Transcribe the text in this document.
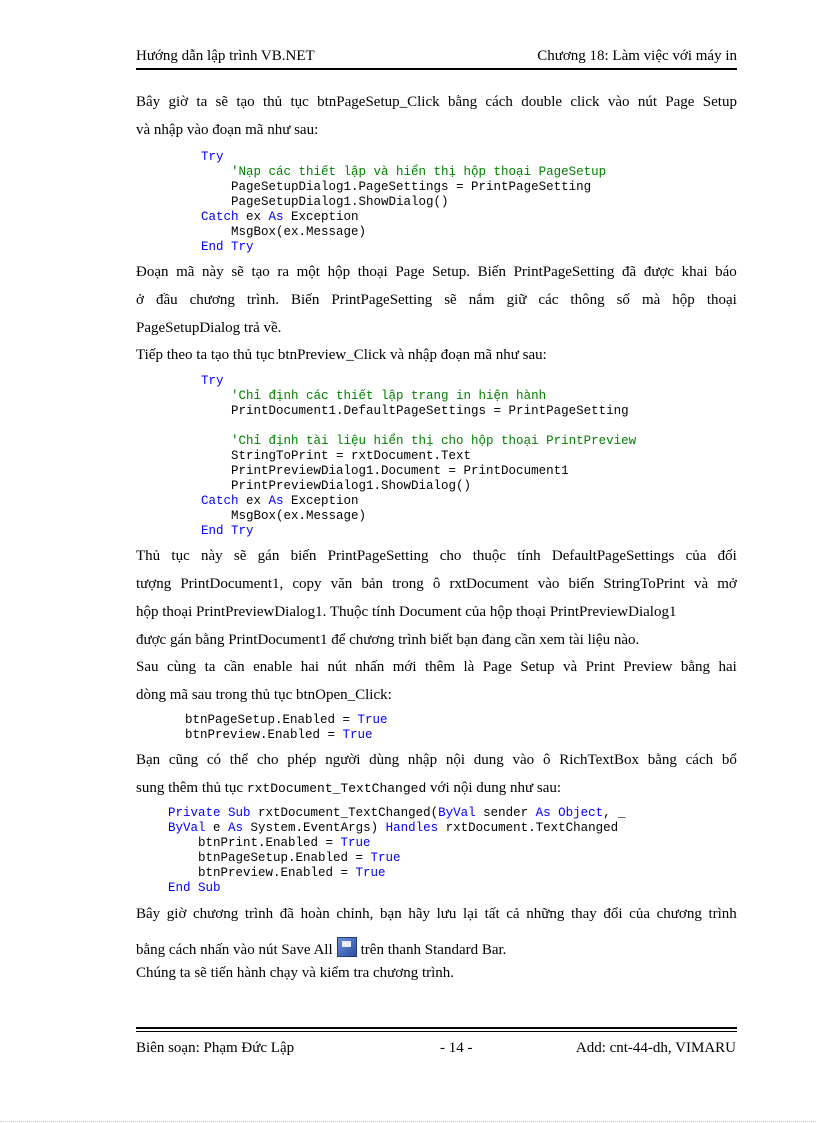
Hướng dẫn lập trình VB.NET	Chương 18: Làm việc với máy in
Bây giờ ta sẽ tạo thủ tục btnPageSetup_Click bằng cách double click vào nút Page Setup
và nhập vào đoạn mã như sau:
Try
'Nạp các thiết lập và hiển thị hộp thoại PageSetup
PageSetupDialog1.PageSettings = PrintPageSetting
PageSetupDialog1.ShowDialog()
Catch ex As Exception
MsgBox(ex.Message)
End Try
Đoạn mã này sẽ tạo ra một hộp thoại Page Setup. Biến PrintPageSetting đã được khai báo
ở đầu chương trình. Biến PrintPageSetting sẽ nắm giữ các thông số mà hộp thoại
PageSetupDialog trả về.
Tiếp theo ta tạo thủ tục btnPreview_Click và nhập đoạn mã như sau:
Try
'Chỉ định các thiết lập trang in hiện hành
PrintDocument1.DefaultPageSettings = PrintPageSetting

'Chỉ định tài liệu hiển thị cho hộp thoại PrintPreview
StringToPrint = rxtDocument.Text
PrintPreviewDialog1.Document = PrintDocument1
PrintPreviewDialog1.ShowDialog()
Catch ex As Exception
MsgBox(ex.Message)
End Try
Thủ tục này sẽ gán biến PrintPageSetting cho thuộc tính DefaultPageSettings của đối
tượng PrintDocument1, copy văn bản trong ô rxtDocument vào biến StringToPrint và mở
hộp thoại PrintPreviewDialog1. Thuộc tính Document của hộp thoại PrintPreviewDialog1
được gán bằng PrintDocument1 để chương trình biết bạn đang cần xem tài liệu nào.
Sau cùng ta cần enable hai nút nhấn mới thêm là Page Setup và Print Preview bằng hai
dòng mã sau trong thủ tục btnOpen_Click:
btnPageSetup.Enabled = True
btnPreview.Enabled = True
Bạn cũng có thể cho phép người dùng nhập nội dung vào ô RichTextBox bằng cách bổ
sung thêm thủ tục rxtDocument_TextChanged với nội dung như sau:
Private Sub rxtDocument_TextChanged(ByVal sender As Object, _
ByVal e As System.EventArgs) Handles rxtDocument.TextChanged
btnPrint.Enabled = True
btnPageSetup.Enabled = True
btnPreview.Enabled = True
End Sub
Bây giờ chương trình đã hoàn chỉnh, bạn hãy lưu lại tất cả những thay đổi của chương trình
bằng cách nhấn vào nút Save All trên thanh Standard Bar.
Chúng ta sẽ tiến hành chạy và kiểm tra chương trình.
Biên soạn: Phạm Đức Lập	- 14 -	Add: cnt-44-dh, VIMARU
